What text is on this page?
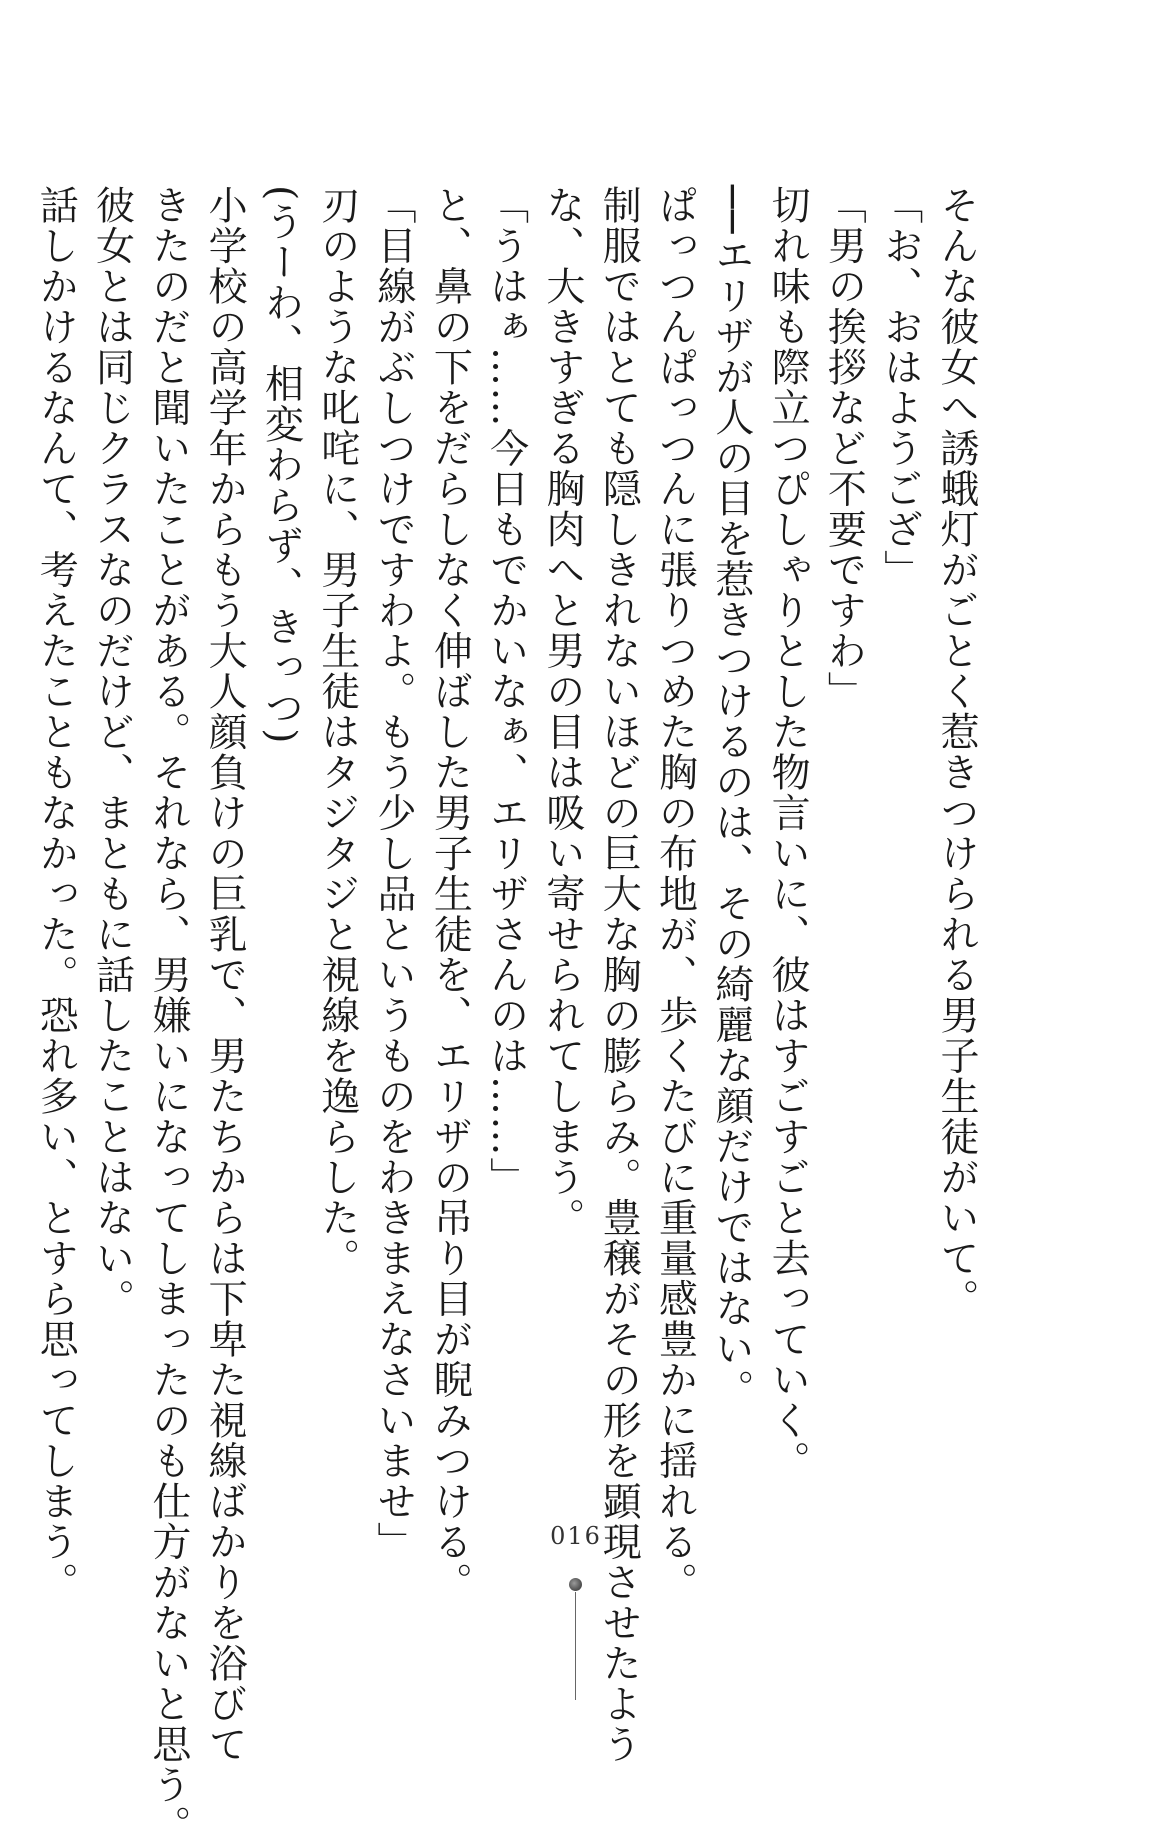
そんな彼女へ誘蛾灯がごとく惹きつけられる男子生徒がいて。
「お、おはようござ」
「男の挨拶など不要ですわ」
切れ味も際立つぴしゃりとした物言いに、彼はすごすごと去っていく。
──エリザが人の目を惹きつけるのは、その綺麗な顔だけではない。
ぱっつんぱっつんに張りつめた胸の布地が、歩くたびに重量感豊かに揺れる。
制服ではとても隠しきれないほどの巨大な胸の膨らみ。豊穣がその形を顕現させたよう
な、大きすぎる胸肉へと男の目は吸い寄せられてしまう。
「うはぁ……今日もでかいなぁ、エリザさんのは……」
と、鼻の下をだらしなく伸ばした男子生徒を、エリザの吊り目が睨みつける。
「目線がぶしつけですわよ。もう少し品というものをわきまえなさいませ」
刃のような叱咤に、男子生徒はタジタジと視線を逸らした。
(うーわ、相変わらず、きっつ)
小学校の高学年からもう大人顔負けの巨乳で、男たちからは下卑た視線ばかりを浴びて
きたのだと聞いたことがある。それなら、男嫌いになってしまったのも仕方がないと思う。
彼女とは同じクラスなのだけど、まともに話したことはない。
話しかけるなんて、考えたこともなかった。恐れ多い、とすら思ってしまう。	016
